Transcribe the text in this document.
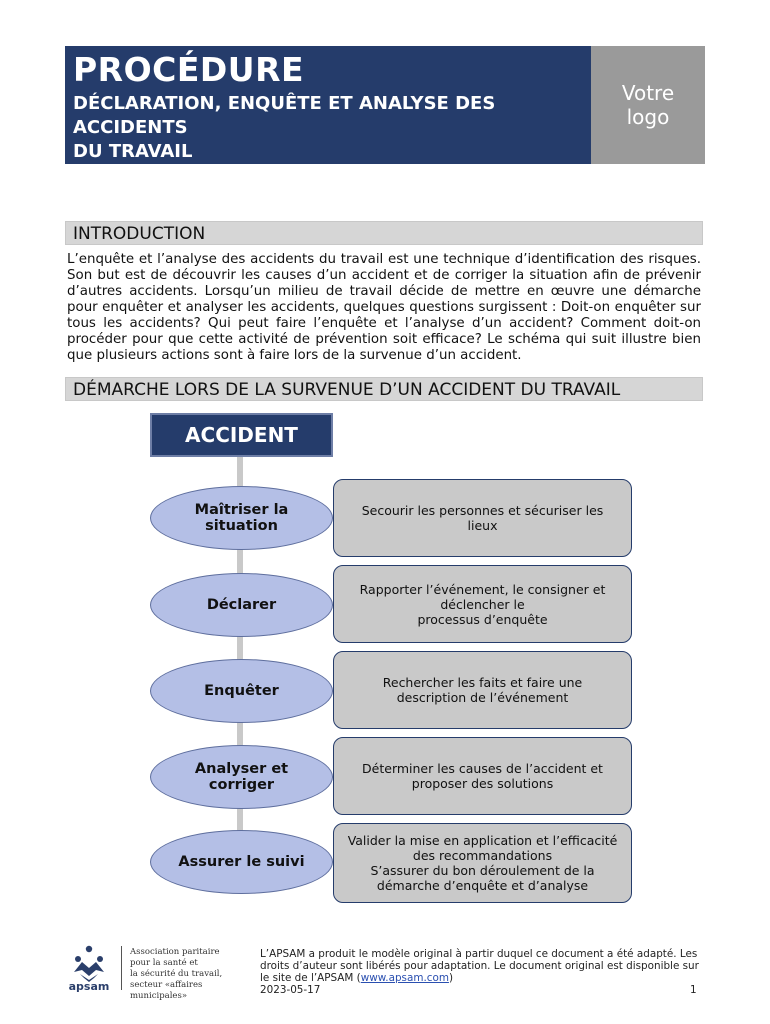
PROCÉDURE
DÉCLARATION, ENQUÊTE ET ANALYSE DES
ACCIDENTS
DU TRAVAIL
Votre
logo
INTRODUCTION
L’enquête et l’analyse des accidents du travail est une technique d’identification des risques. Son but est de découvrir les causes d’un accident et de corriger la situation afin de prévenir d’autres accidents. Lorsqu’un milieu de travail décide de mettre en œuvre une démarche pour enquêter et analyser les accidents, quelques questions surgissent : Doit-on enquêter sur tous les accidents? Qui peut faire l’enquête et l’analyse d’un accident? Comment doit-on procéder pour que cette activité de prévention soit efficace? Le schéma qui suit illustre bien que plusieurs actions sont à faire lors de la survenue d’un accident.
DÉMARCHE LORS DE LA SURVENUE D’UN ACCIDENT DU TRAVAIL
ACCIDENT
Maîtriser la
situation
Secourir les personnes et sécuriser les
lieux
Déclarer
Rapporter l’événement, le consigner et
déclencher le
processus d’enquête
Enquêter
Rechercher les faits et faire une
description de l’événement
Analyser et
corriger
Déterminer les causes de l’accident et
proposer des solutions
Assurer le suivi
Valider la mise en application et l’efficacité
des recommandations
S’assurer du bon déroulement de la
démarche d’enquête et d’analyse
apsam
Association paritaire
pour la santé et
la sécurité du travail,
secteur «affaires municipales»
L’APSAM a produit le modèle original à partir duquel ce document a été adapté. Les droits d’auteur sont libérés pour adaptation. Le document original est disponible sur le site de l’APSAM (www.apsam.com)
2023-05-17	1
